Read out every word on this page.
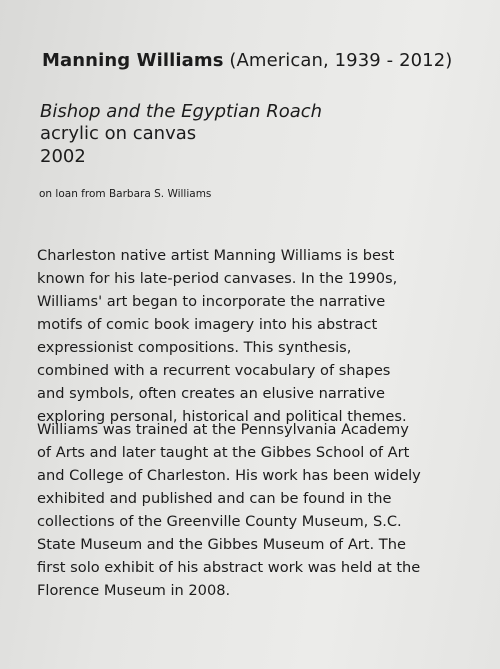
Manning Williams (American, 1939 - 2012)
Bishop and the Egyptian Roach
acrylic on canvas
2002
on loan from Barbara S. Williams

Charleston native artist Manning Williams is best
known for his late-period canvases. In the 1990s,
Williams' art began to incorporate the narrative
motifs of comic book imagery into his abstract
expressionist compositions. This synthesis,
combined with a recurrent vocabulary of shapes
and symbols, often creates an elusive narrative
exploring personal, historical and political themes.

Williams was trained at the Pennsylvania Academy
of Arts and later taught at the Gibbes School of Art
and College of Charleston. His work has been widely
exhibited and published and can be found in the
collections of the Greenville County Museum, S.C.
State Museum and the Gibbes Museum of Art. The
first solo exhibit of his abstract work was held at the
Florence Museum in 2008.
